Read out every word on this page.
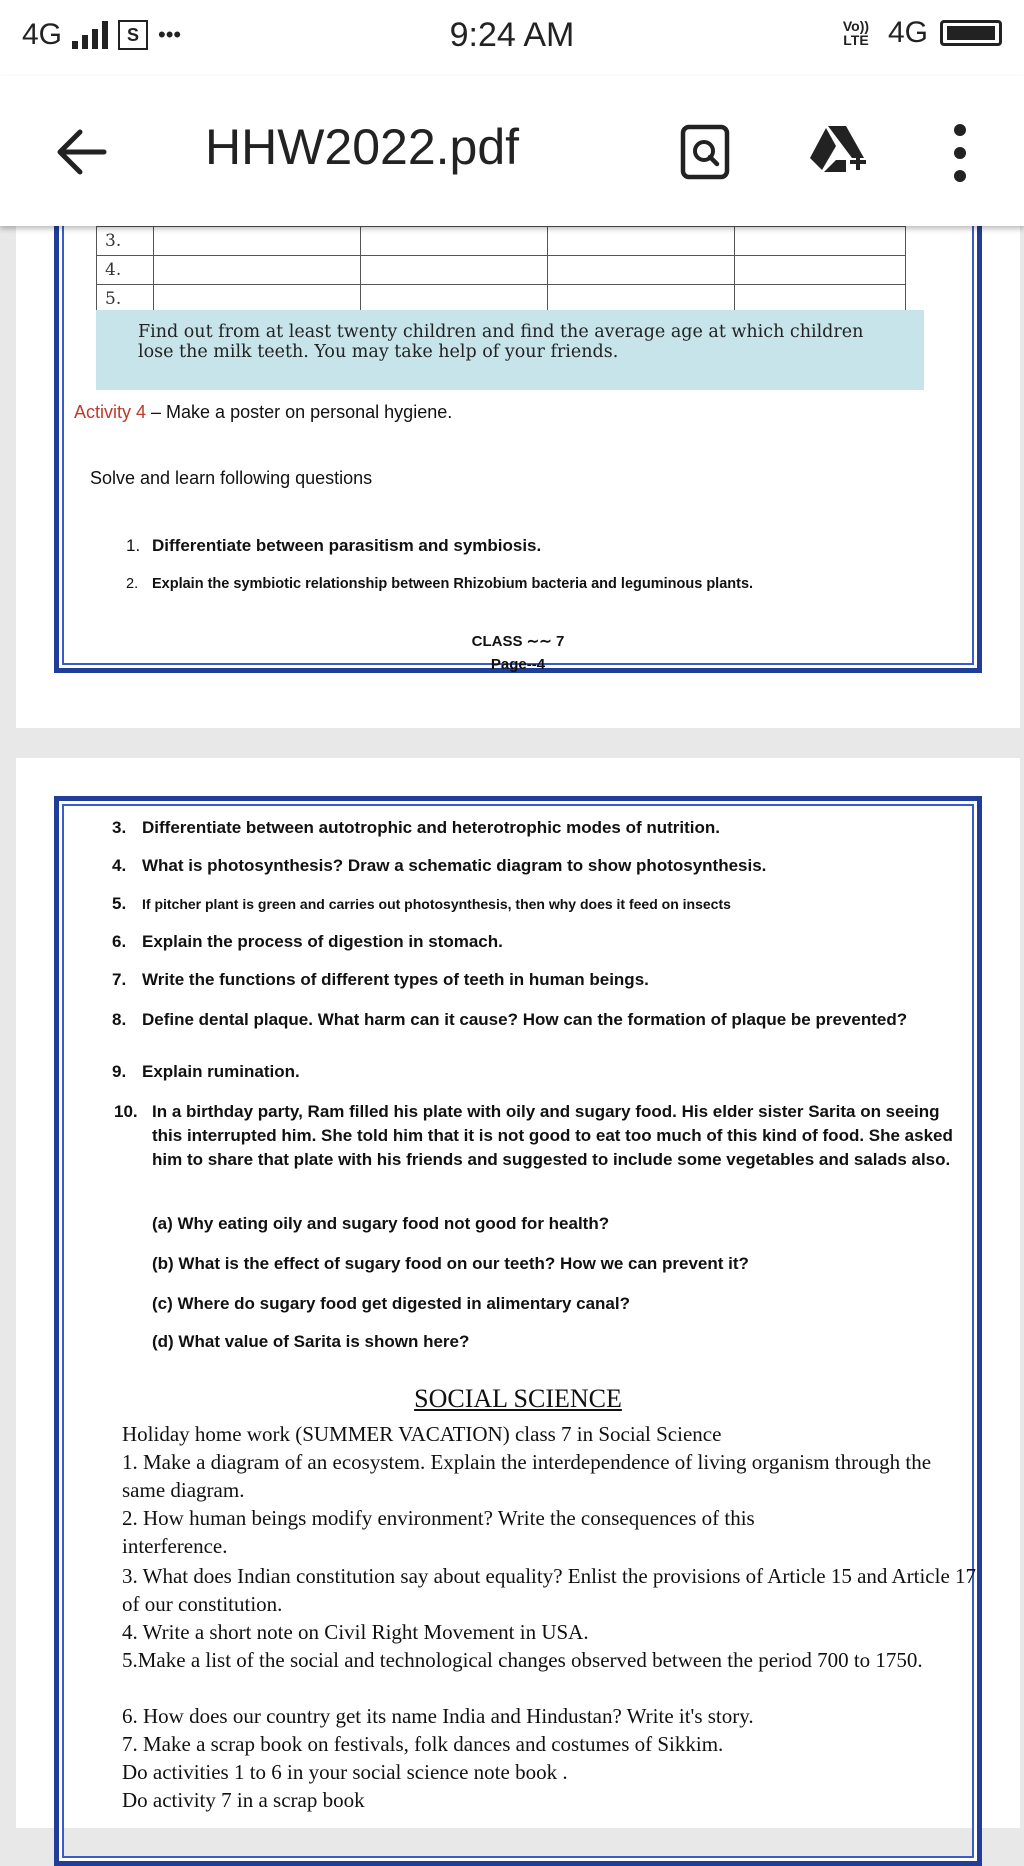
4G	S •••	9:24 AM	Vo)) LTE 4G
HHW2022.pdf
3.				
4.				
5.				
Find out from at least twenty children and find the average age at which children lose the milk teeth. You may take help of your friends.
Activity 4 – Make a poster on personal hygiene.
Solve and learn following questions
1. Differentiate between parasitism and symbiosis.
2. Explain the symbiotic relationship between Rhizobium bacteria and leguminous plants.
CLASS ∼∼ 7
Page--4
3. Differentiate between autotrophic and heterotrophic modes of nutrition.
4. What is photosynthesis? Draw a schematic diagram to show photosynthesis.
5. If pitcher plant is green and carries out photosynthesis, then why does it feed on insects
6. Explain the process of digestion in stomach.
7. Write the functions of different types of teeth in human beings.
8. Define dental plaque. What harm can it cause? How can the formation of plaque be prevented?
9. Explain rumination.
10. In a birthday party, Ram filled his plate with oily and sugary food. His elder sister Sarita on seeing this interrupted him. She told him that it is not good to eat too much of this kind of food. She asked him to share that plate with his friends and suggested to include some vegetables and salads also.
(a) Why eating oily and sugary food not good for health?
(b) What is the effect of sugary food on our teeth? How we can prevent it?
(c) Where do sugary food get digested in alimentary canal?
(d) What value of Sarita is shown here?
SOCIAL SCIENCE
Holiday home work (SUMMER VACATION) class 7 in Social Science
1. Make a diagram of an ecosystem. Explain the interdependence of living organism through the same diagram.
2. How human beings modify environment? Write the consequences of this interference.
3. What does Indian constitution say about equality? Enlist the provisions of Article 15 and Article 17 of our constitution.
4. Write a short note on Civil Right Movement in USA.
5.Make a list of the social and technological changes observed between the period 700 to 1750.
6. How does our country get its name India and Hindustan? Write it's story.
7. Make a scrap book on festivals, folk dances and costumes of Sikkim.
Do activities 1 to 6 in your social science note book .
Do activity 7 in a scrap book
